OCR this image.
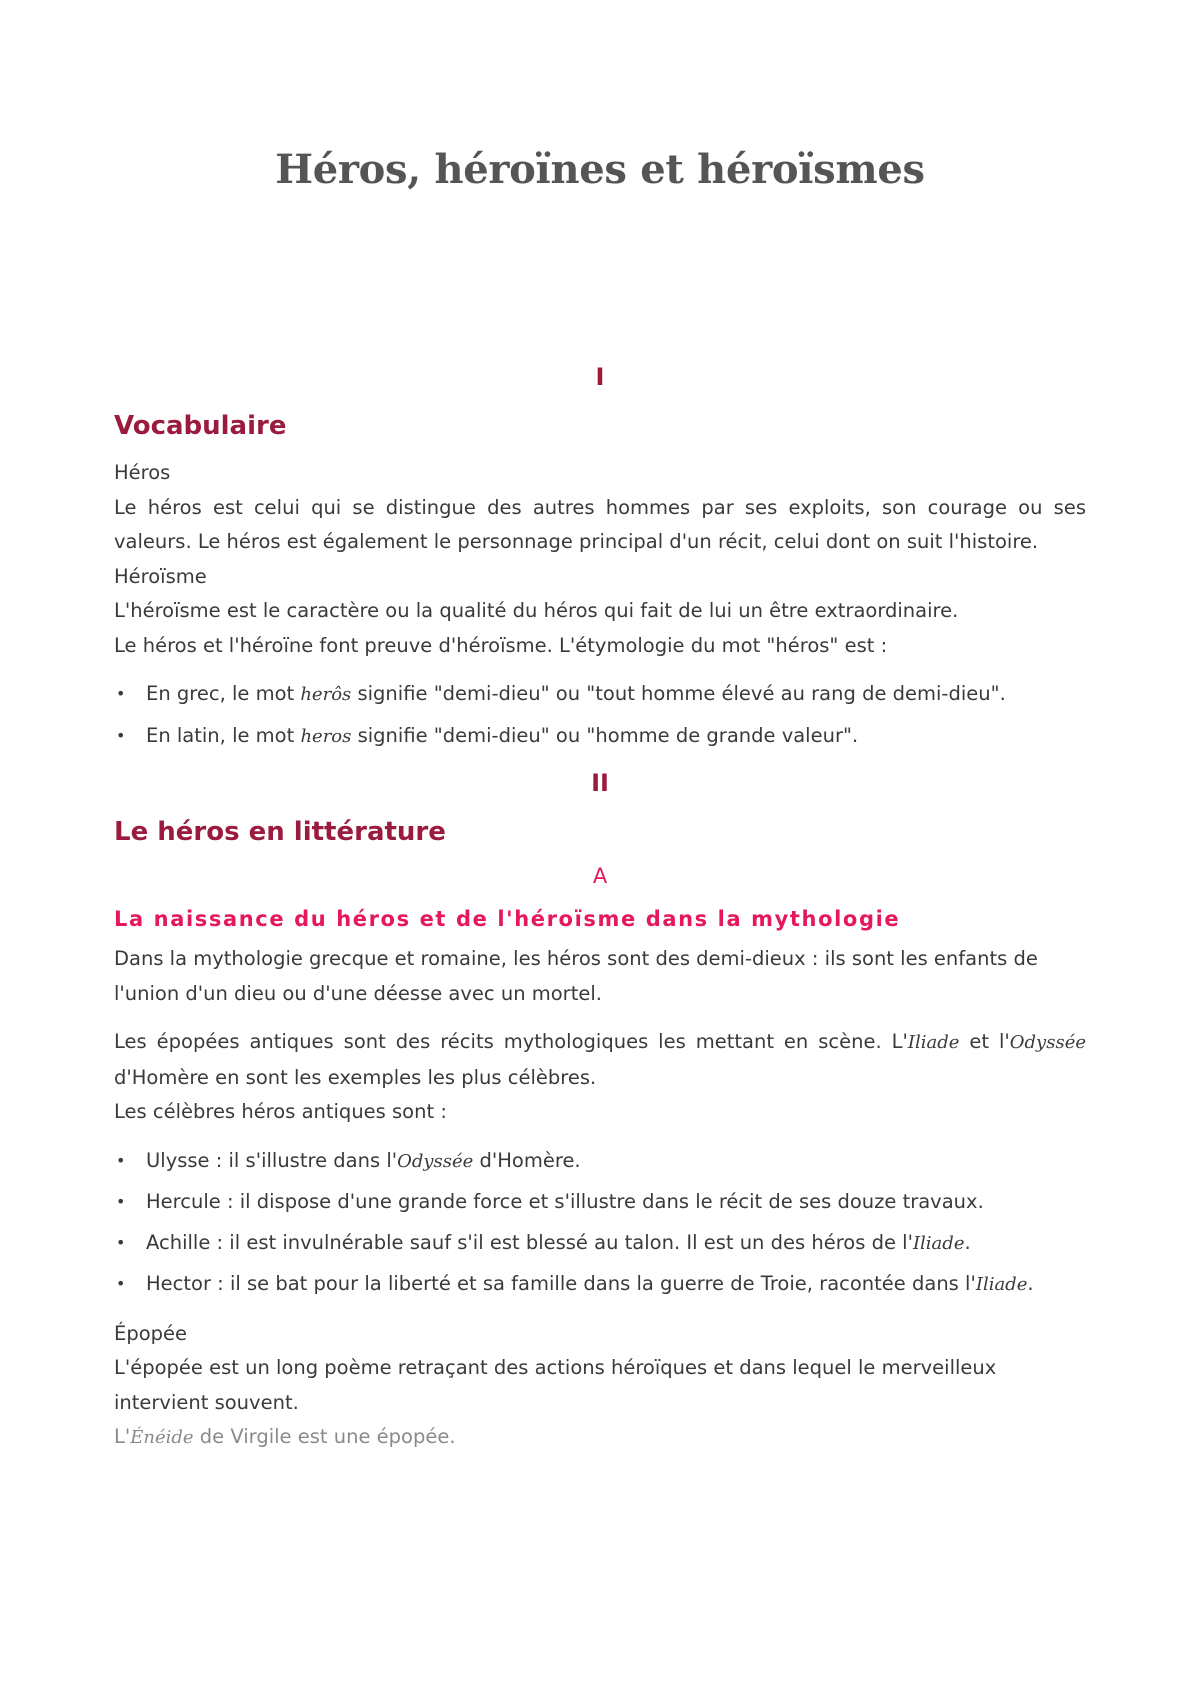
Héros, héroïnes et héroïsmes
I
Vocabulaire

Héros

Le héros est celui qui se distingue des autres hommes par ses exploits, son courage ou ses valeurs. Le héros est également le personnage principal d'un récit, celui dont on suit l'histoire.

Héroïsme

L'héroïsme est le caractère ou la qualité du héros qui fait de lui un être extraordinaire.

Le héros et l'héroïne font preuve d'héroïsme. L'étymologie du mot "héros" est :

• En grec, le mot herôs signifie "demi-dieu" ou "tout homme élevé au rang de demi-dieu".
• En latin, le mot heros signifie "demi-dieu" ou "homme de grande valeur".
II
Le héros en littérature
A
La naissance du héros et de l'héroïsme dans la mythologie

Dans la mythologie grecque et romaine, les héros sont des demi-dieux : ils sont les enfants de l'union d'un dieu ou d'une déesse avec un mortel.

Les épopées antiques sont des récits mythologiques les mettant en scène. L'Iliade et l'Odyssée d'Homère en sont les exemples les plus célèbres.

Les célèbres héros antiques sont :

• Ulysse : il s'illustre dans l'Odyssée d'Homère.
• Hercule : il dispose d'une grande force et s'illustre dans le récit de ses douze travaux.
• Achille : il est invulnérable sauf s'il est blessé au talon. Il est un des héros de l'Iliade.
• Hector : il se bat pour la liberté et sa famille dans la guerre de Troie, racontée dans l'Iliade.

Épopée

L'épopée est un long poème retraçant des actions héroïques et dans lequel le merveilleux intervient souvent.

L'Énéide de Virgile est une épopée.
